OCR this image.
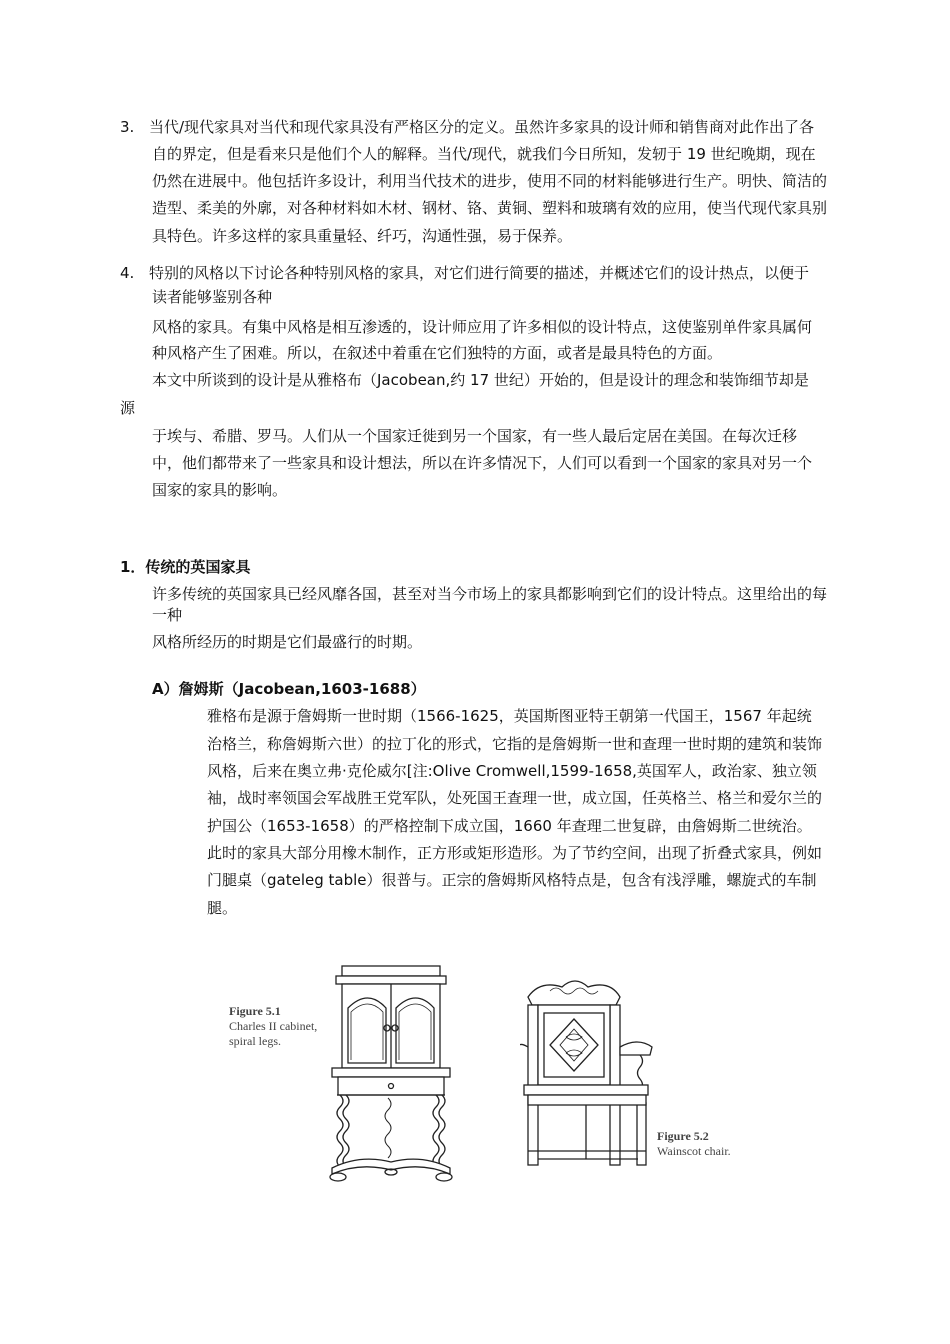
3. 当代/现代家具对当代和现代家具没有严格区分的定义。虽然许多家具的设计师和销售商对此作出了各
自的界定，但是看来只是他们个人的解释。当代/现代，就我们今日所知，发轫于 19 世纪晚期，现在
仍然在进展中。他包括许多设计，利用当代技术的进步，使用不同的材料能够进行生产。明快、简洁的
造型、柔美的外廓，对各种材料如木材、钢材、铬、黄铜、塑料和玻璃有效的应用，使当代现代家具别
具特色。许多这样的家具重量轻、纤巧，沟通性强，易于保养。
4. 特别的风格以下讨论各种特别风格的家具，对它们进行简要的描述，并概述它们的设计热点，以便于
读者能够鉴别各种
风格的家具。有集中风格是相互渗透的，设计师应用了许多相似的设计特点，这使鉴别单件家具属何
种风格产生了困难。所以，在叙述中着重在它们独特的方面，或者是最具特色的方面。
本文中所谈到的设计是从雅格布（Jacobean,约 17 世纪）开始的，但是设计的理念和装饰细节却是
源
于埃与、希腊、罗马。人们从一个国家迁徙到另一个国家，有一些人最后定居在美国。在每次迁移
中，他们都带来了一些家具和设计想法，所以在许多情况下，人们可以看到一个国家的家具对另一个
国家的家具的影响。
1．传统的英国家具
许多传统的英国家具已经风靡各国，甚至对当今市场上的家具都影响到它们的设计特点。这里给出的每
一种
风格所经历的时期是它们最盛行的时期。
A）詹姆斯（Jacobean,1603-1688）
雅格布是源于詹姆斯一世时期（1566-1625，英国斯图亚特王朝第一代国王，1567 年起统
治格兰，称詹姆斯六世）的拉丁化的形式，它指的是詹姆斯一世和查理一世时期的建筑和装饰
风格，后来在奥立弗·克伦威尔[注:Olive Cromwell,1599-1658,英国军人，政治家、独立领
袖，战时率领国会军战胜王党军队，处死国王查理一世，成立国，任英格兰、格兰和爱尔兰的
护国公（1653-1658）的严格控制下成立国，1660 年查理二世复辟，由詹姆斯二世统治。
此时的家具大部分用橡木制作，正方形或矩形造形。为了节约空间，出现了折叠式家具，例如
门腿桌（gateleg table）很普与。正宗的詹姆斯风格特点是，包含有浅浮雕，螺旋式的车制
腿。
Figure 5.1
Charles II cabinet,
spiral legs.
Figure 5.2
Wainscot chair.
